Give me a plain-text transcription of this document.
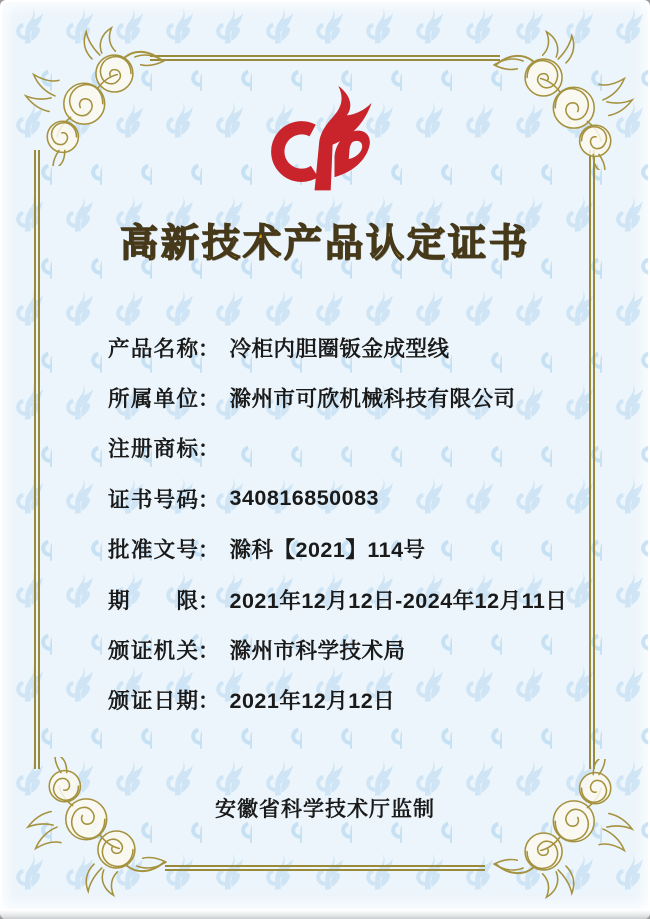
高新技术产品认定证书
产品名称 ： 冷柜内胆圈钣金成型线
所属单位 ： 滁州市可欣机械科技有限公司
注册商标 ：
证书号码 ： 340816850083
批准文号 ： 滁科【2021】114号
期限 ： 2021年12月12日-2024年12月11日
颁证机关 ： 滁州市科学技术局
颁证日期 ： 2021年12月12日
安徽省科学技术厅监制
